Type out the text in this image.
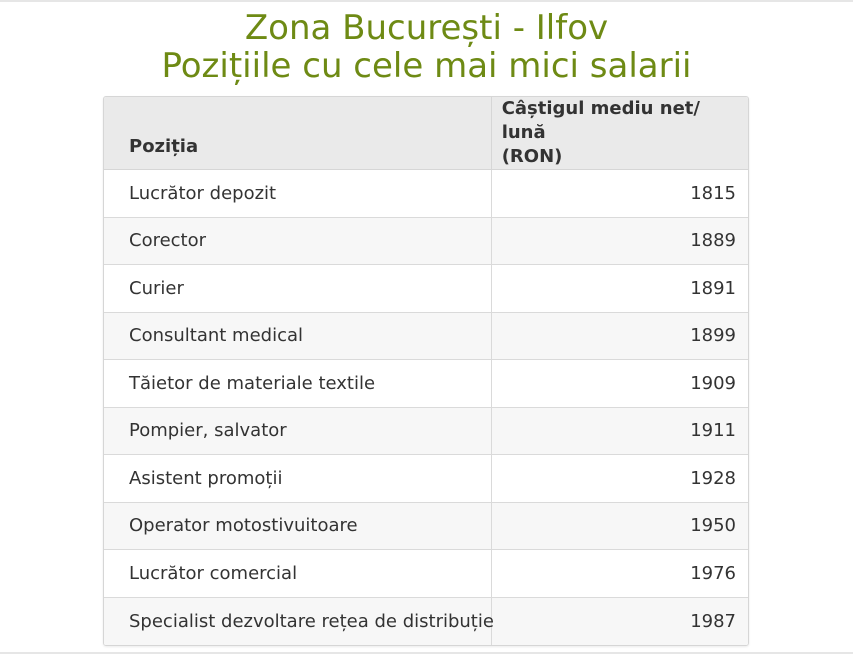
Zona București - Ilfov
Pozițiile cu cele mai mici salarii
Poziția	Câștigul mediu net/ lună
(RON)
Lucrător depozit	1815
Corector	1889
Curier	1891
Consultant medical	1899
Tăietor de materiale textile	1909
Pompier, salvator	1911
Asistent promoții	1928
Operator motostivuitoare	1950
Lucrător comercial	1976
Specialist dezvoltare rețea de distribuție	1987
